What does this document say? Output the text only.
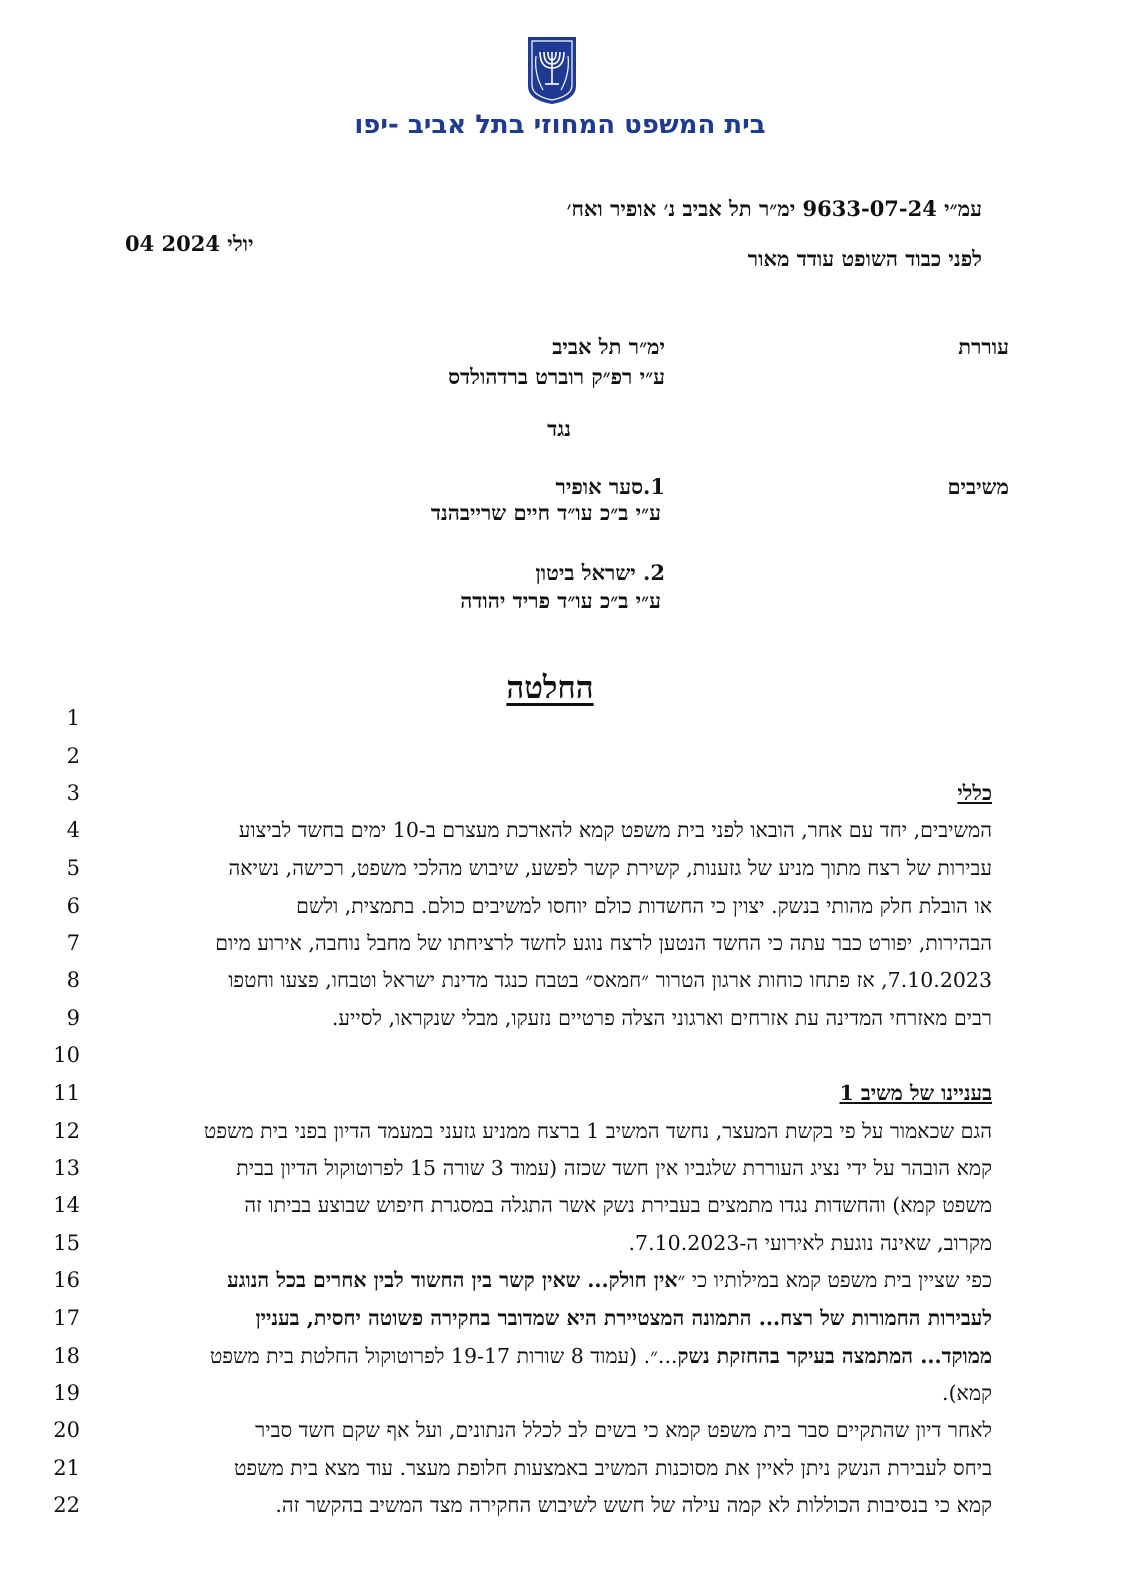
בית המשפט המחוזי בתל אביב -יפו
עמ״י 9633-07-24 ימ״ר תל אביב נ׳ אופיר ואח׳
לפני כבוד השופט עודד מאור
04 יולי 2024
עוררת
ימ״ר תל אביב
ע״י רפ״ק רוברט ברדהולדס
נגד
משיבים
1.סער אופיר
ע״י ב״כ עו״ד חיים שרייבהנד
2. ישראל ביטון
ע״י ב״כ עו״ד פריד יהודה
החלטה
1
2
3	כללי
4	המשיבים, יחד עם אחר, הובאו לפני בית משפט קמא להארכת מעצרם ב-10 ימים בחשד לביצוע
5	עבירות של רצח מתוך מניע של גזענות, קשירת קשר לפשע, שיבוש מהלכי משפט, רכישה, נשיאה
6	או הובלת חלק מהותי בנשק. יצוין כי החשדות כולם יוחסו למשיבים כולם. בתמצית, ולשם
7	הבהירות, יפורט כבר עתה כי החשד הנטען לרצח נוגע לחשד לרציחתו של מחבל נוחבה, אירוע מיום
8	7.10.2023, אז פתחו כוחות ארגון הטרור ״חמאס״ בטבח כנגד מדינת ישראל וטבחו, פצעו וחטפו
9	רבים מאזרחי המדינה עת אזרחים וארגוני הצלה פרטיים נזעקו, מבלי שנקראו, לסייע.
10
11	בעניינו של משיב 1
12	הגם שכאמור על פי בקשת המעצר, נחשד המשיב 1 ברצח ממניע גזעני במעמד הדיון בפני בית משפט
13	קמא הובהר על ידי נציג העוררת שלגביו אין חשד שכזה (עמוד 3 שורה 15 לפרוטוקול הדיון בבית
14	משפט קמא) והחשדות נגדו מתמצים בעבירת נשק אשר התגלה במסגרת חיפוש שבוצע בביתו זה
15	מקרוב, שאינה נוגעת לאירועי ה-7.10.2023.
16	כפי שציין בית משפט קמא במילותיו כי ״אין חולק... שאין קשר בין החשוד לבין אחרים בכל הנוגע
17	לעבירות החמורות של רצח... התמונה המצטיירת היא שמדובר בחקירה פשוטה יחסית, בעניין
18	ממוקד... המתמצה בעיקר בהחזקת נשק...״. (עמוד 8 שורות 19-17 לפרוטוקול החלטת בית משפט
19	קמא).
20	לאחר דיון שהתקיים סבר בית משפט קמא כי בשים לב לכלל הנתונים, ועל אף שקם חשד סביר
21	ביחס לעבירת הנשק ניתן לאיין את מסוכנות המשיב באמצעות חלופת מעצר. עוד מצא בית משפט
22	קמא כי בנסיבות הכוללות לא קמה עילה של חשש לשיבוש החקירה מצד המשיב בהקשר זה.
